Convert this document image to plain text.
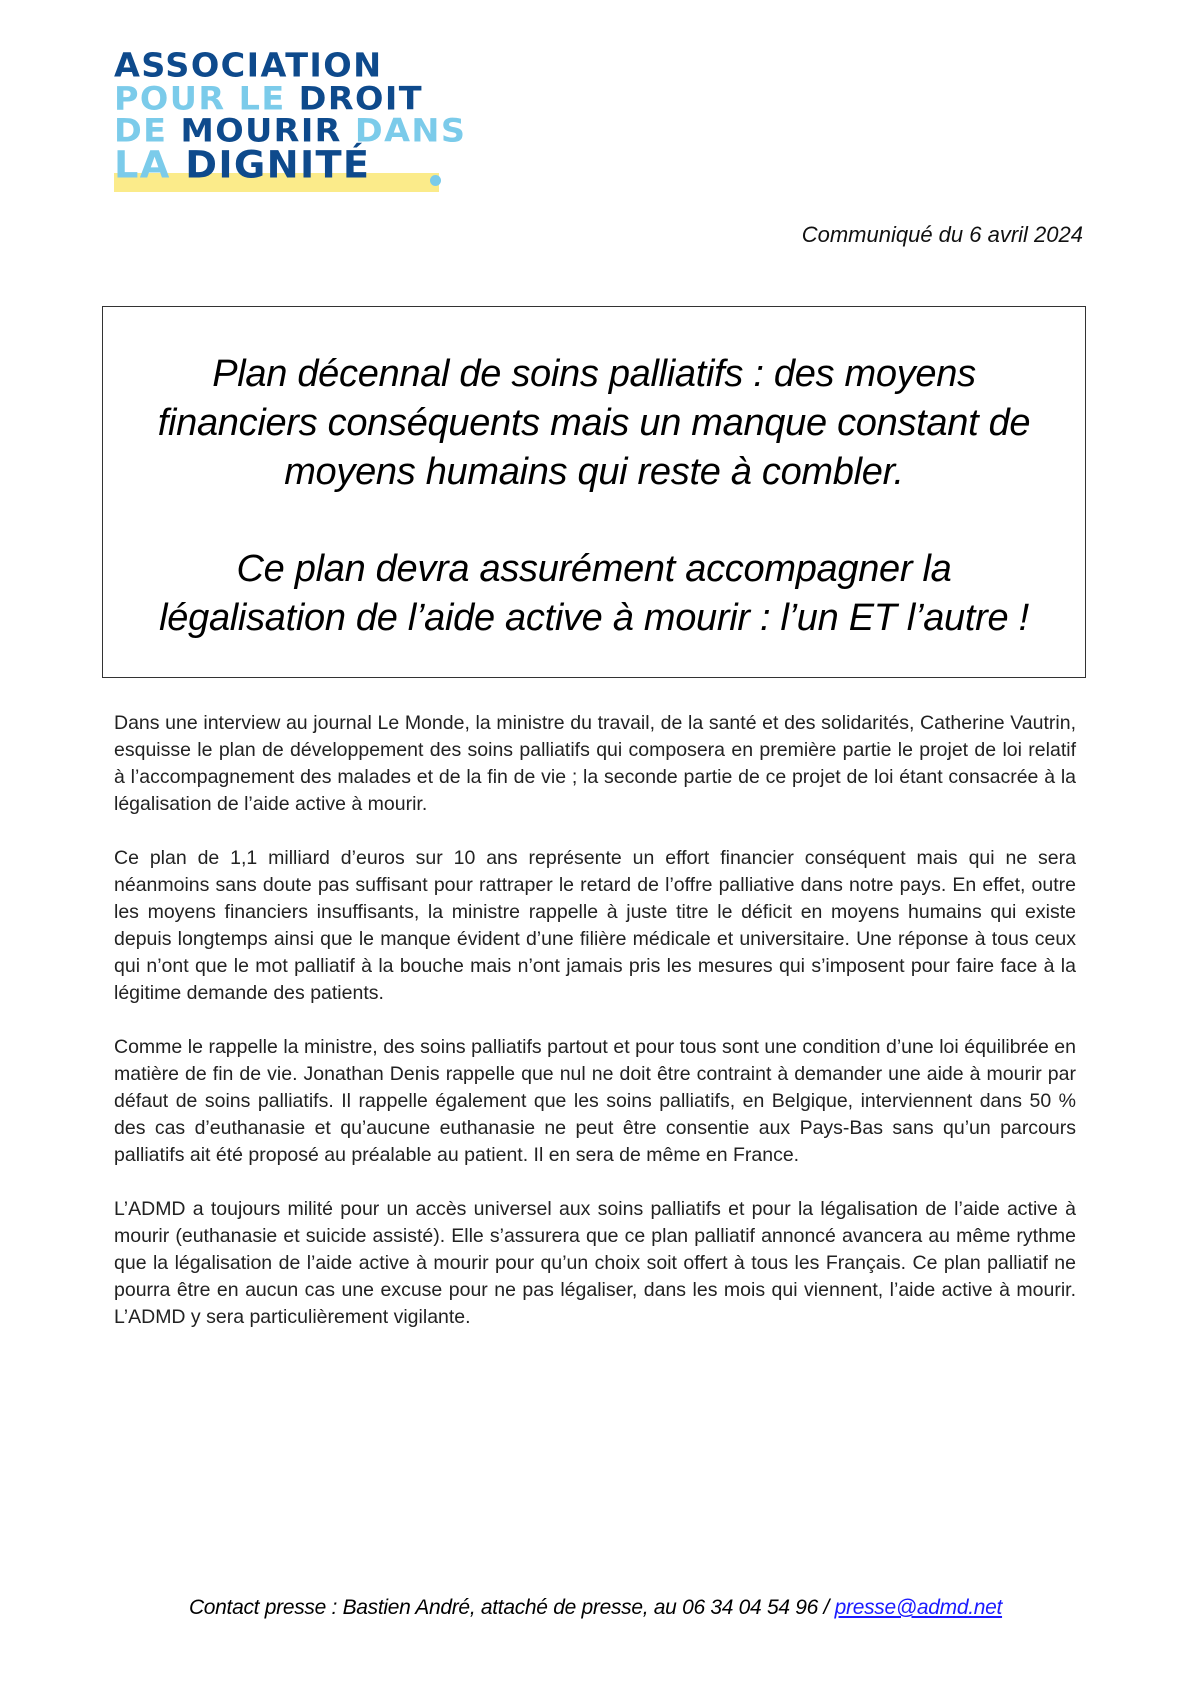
ASSOCIATION
POUR LE DROIT
DE MOURIR DANS
LA DIGNITÉ
Communiqué du 6 avril 2024
Plan décennal de soins palliatifs : des moyens
financiers conséquents mais un manque constant de
moyens humains qui reste à combler.
Ce plan devra assurément accompagner la
légalisation de l’aide active à mourir : l’un ET l’autre !

Dans une interview au journal Le Monde, la ministre du travail, de la santé et des solidarités, Catherine Vautrin, esquisse le plan de développement des soins palliatifs qui composera en première partie le projet de loi relatif à l’accompagnement des malades et de la fin de vie ; la seconde partie de ce projet de loi étant consacrée à la légalisation de l’aide active à mourir.

Ce plan de 1,1 milliard d’euros sur 10 ans représente un effort financier conséquent mais qui ne sera néanmoins sans doute pas suffisant pour rattraper le retard de l’offre palliative dans notre pays. En effet, outre les moyens financiers insuffisants, la ministre rappelle à juste titre le déficit en moyens humains qui existe depuis longtemps ainsi que le manque évident d’une filière médicale et universitaire. Une réponse à tous ceux qui n’ont que le mot palliatif à la bouche mais n’ont jamais pris les mesures qui s’imposent pour faire face à la légitime demande des patients.

Comme le rappelle la ministre, des soins palliatifs partout et pour tous sont une condition d’une loi équilibrée en matière de fin de vie. Jonathan Denis rappelle que nul ne doit être contraint à demander une aide à mourir par défaut de soins palliatifs. Il rappelle également que les soins palliatifs, en Belgique, interviennent dans 50 % des cas d’euthanasie et qu’aucune euthanasie ne peut être consentie aux Pays-Bas sans qu’un parcours palliatifs ait été proposé au préalable au patient. Il en sera de même en France.

L’ADMD a toujours milité pour un accès universel aux soins palliatifs et pour la légalisation de l’aide active à mourir (euthanasie et suicide assisté). Elle s’assurera que ce plan palliatif annoncé avancera au même rythme que la légalisation de l’aide active à mourir pour qu’un choix soit offert à tous les Français. Ce plan palliatif ne pourra être en aucun cas une excuse pour ne pas légaliser, dans les mois qui viennent, l’aide active à mourir. L’ADMD y sera particulièrement vigilante.

Contact presse : Bastien André, attaché de presse, au 06 34 04 54 96 / presse@admd.net
